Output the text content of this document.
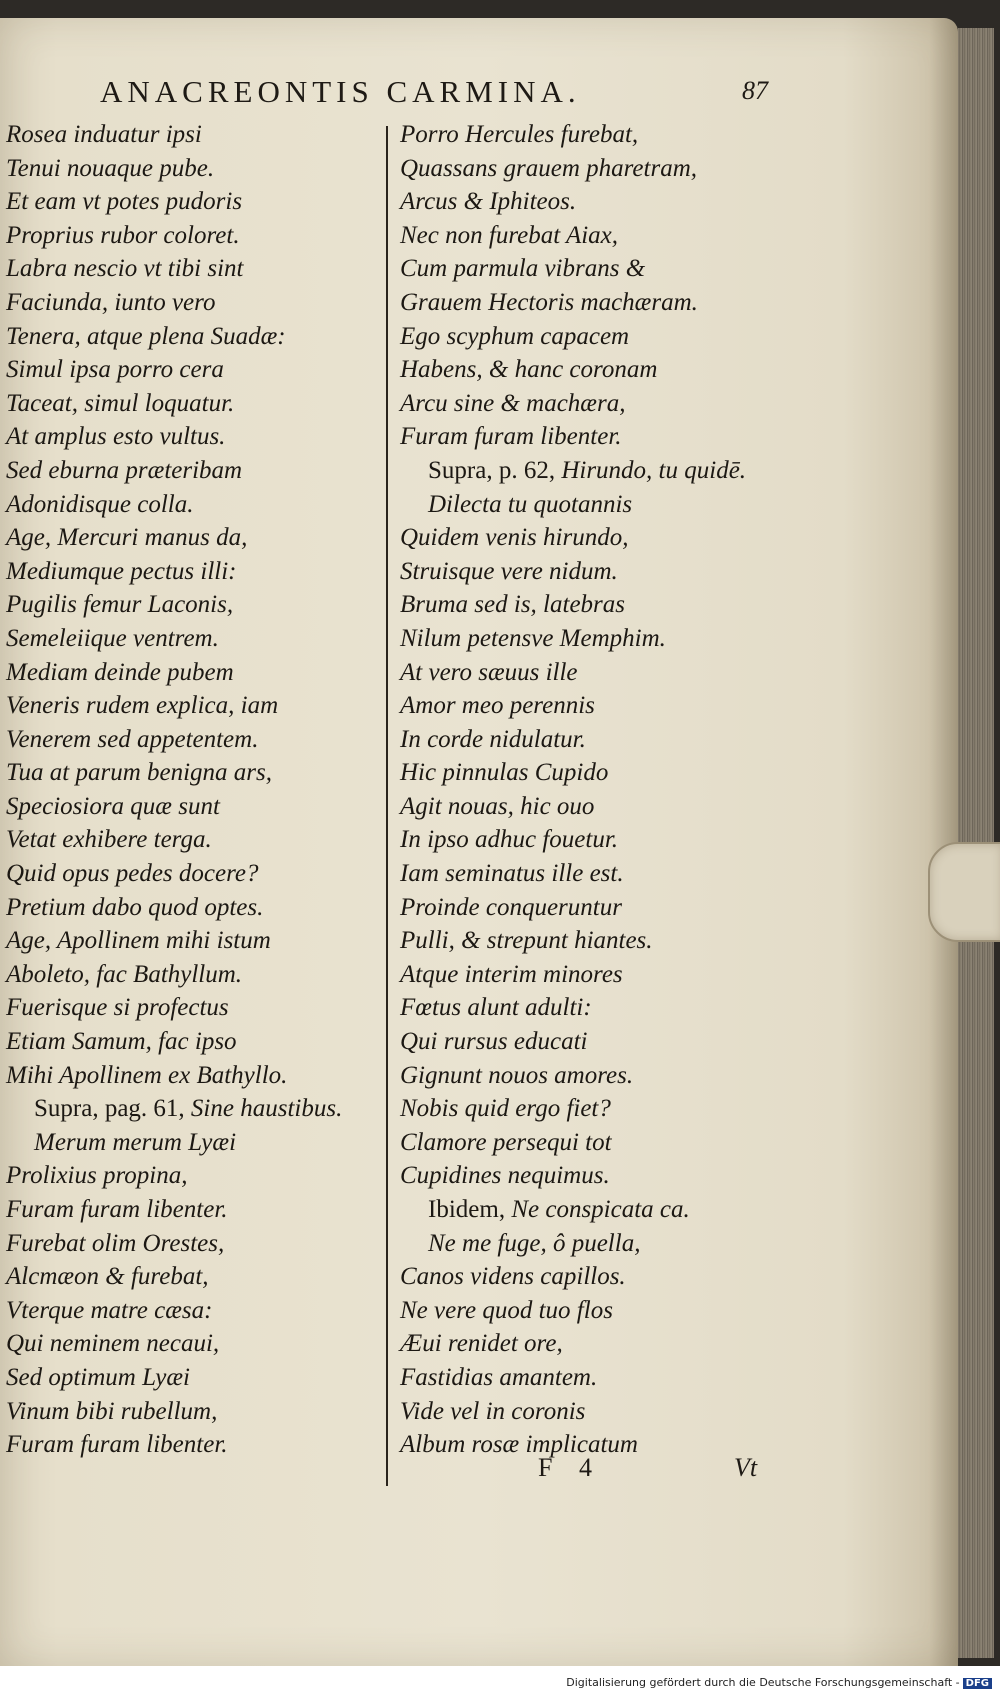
ANACREONTIS CARMINA.	87
Rosea induatur ipsi
Tenui nouaque pube.
Et eam vt potes pudoris
Proprius rubor coloret.
Labra nescio vt tibi sint
Faciunda, iunto vero
Tenera, atque plena Suadæ:
Simul ipsa porro cera
Taceat, simul loquatur.
At amplus esto vultus.
Sed eburna præteribam
Adonidisque colla.
Age, Mercuri manus da,
Mediumque pectus illi:
Pugilis femur Laconis,
Semeleiique ventrem.
Mediam deinde pubem
Veneris rudem explica, iam
Venerem sed appetentem.
Tua at parum benigna ars,
Speciosiora quæ sunt
Vetat exhibere terga.
Quid opus pedes docere?
Pretium dabo quod optes.
Age, Apollinem mihi istum
Aboleto, fac Bathyllum.
Fuerisque si profectus
Etiam Samum, fac ipso
Mihi Apollinem ex Bathyllo.
Supra, pag. 61, Sine haustibus.
Merum merum Lyæi
Prolixius propina,
Furam furam libenter.
Furebat olim Orestes,
Alcmæon & furebat,
Vterque matre cæsa:
Qui neminem necaui,
Sed optimum Lyæi
Vinum bibi rubellum,
Furam furam libenter.
Porro Hercules furebat,
Quassans grauem pharetram,
Arcus & Iphiteos.
Nec non furebat Aiax,
Cum parmula vibrans &
Grauem Hectoris machæram.
Ego scyphum capacem
Habens, & hanc coronam
Arcu sine & machæra,
Furam furam libenter.
Supra, p. 62, Hirundo, tu quidē.
Dilecta tu quotannis
Quidem venis hirundo,
Struisque vere nidum.
Bruma sed is, latebras
Nilum petensve Memphim.
At vero sæuus ille
Amor meo perennis
In corde nidulatur.
Hic pinnulas Cupido
Agit nouas, hic ouo
In ipso adhuc fouetur.
Iam seminatus ille est.
Proinde conqueruntur
Pulli, & strepunt hiantes.
Atque interim minores
Fœtus alunt adulti:
Qui rursus educati
Gignunt nouos amores.
Nobis quid ergo fiet?
Clamore persequi tot
Cupidines nequimus.
Ibidem, Ne conspicata ca.
Ne me fuge, ô puella,
Canos videns capillos.
Ne vere quod tuo flos
Æui renidet ore,
Fastidias amantem.
Vide vel in coronis
Album rosæ implicatum
F 4	Vt
Digitalisierung gefördert durch die Deutsche Forschungsgemeinschaft - DFG
